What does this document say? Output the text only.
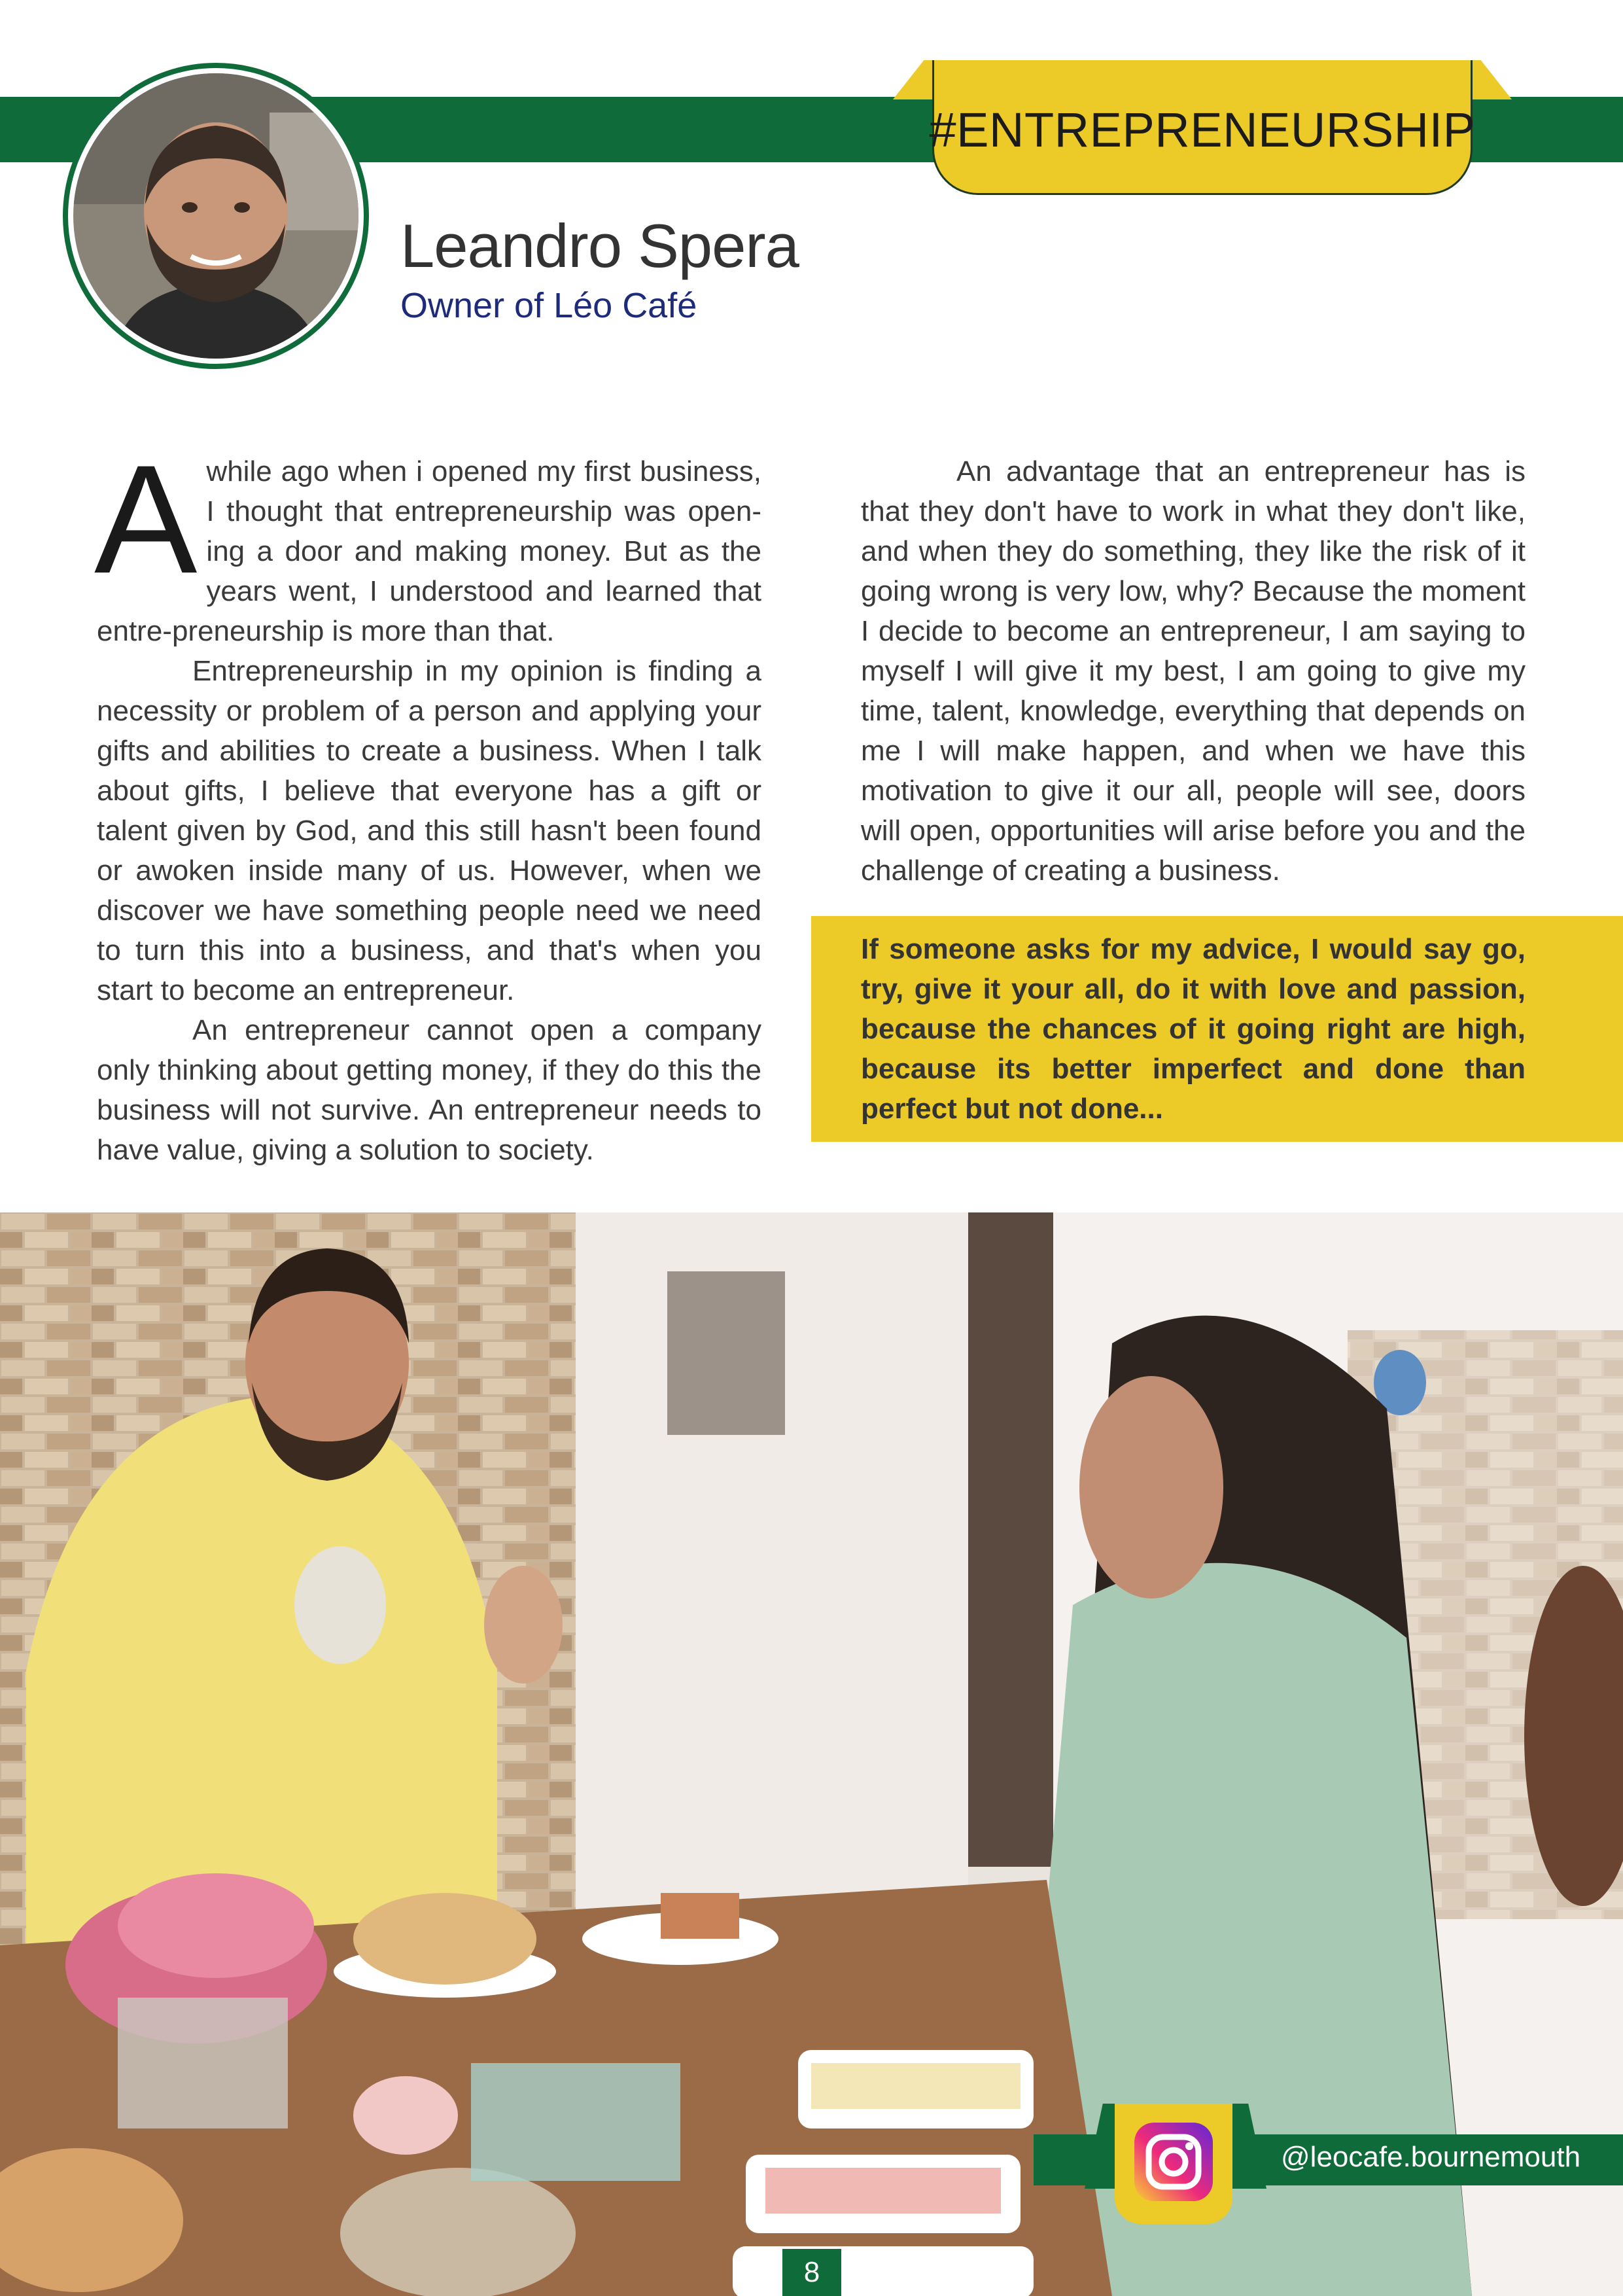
#ENTREPRENEURSHIP
Leandro Spera
Owner of Léo Café

Awhile ago when i opened my first business, I thought that entrepreneurship was open-ing a door and making money. But as the years went, I understood and learned that entre-preneurship is more than that.

Entrepreneurship in my opinion is finding a necessity or problem of a person and applying your gifts and abilities to create a business. When I talk about gifts, I believe that everyone has a gift or talent given by God, and this still hasn't been found or awoken inside many of us. However, when we discover we have something people need we need to turn this into a business, and that's when you start to become an entrepreneur.

An entrepreneur cannot open a company only thinking about getting money, if they do this the business will not survive. An entrepreneur needs to have value, giving a solution to society.

An advantage that an entrepreneur has is that they don't have to work in what they don't like, and when they do something, they like the risk of it going wrong is very low, why? Because the moment I decide to become an entrepreneur, I am saying to myself I will give it my best, I am going to give my time, talent, knowledge, everything that depends on me I will make happen, and when we have this motivation to give it our all, people will see, doors will open, opportunities will arise before you and the challenge of creating a business.

If someone asks for my advice, I would say go, try, give it your all, do it with love and passion, because the chances of it going right are high, because its better imperfect and done than perfect but not done...
@leocafe.bournemouth
8
